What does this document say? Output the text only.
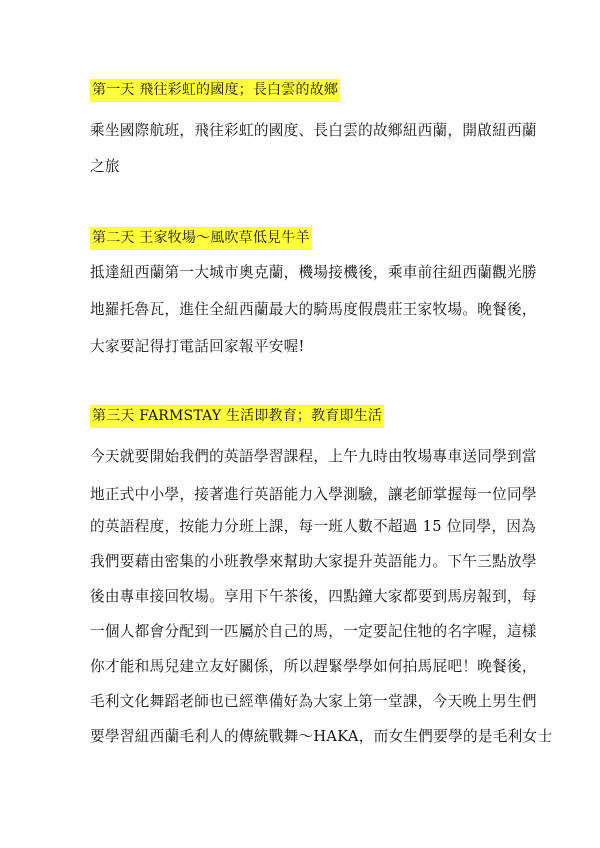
第一天 飛往彩虹的國度；長白雲的故鄉
乘坐國際航班，飛往彩虹的國度、長白雲的故鄉紐西蘭，開啟紐西蘭
之旅
第二天 王家牧場～風吹草低見牛羊
抵達紐西蘭第一大城市奧克蘭，機場接機後，乘車前往紐西蘭觀光勝
地羅托魯瓦，進住全紐西蘭最大的騎馬度假農莊王家牧場。晚餐後，
大家要記得打電話回家報平安喔!
第三天 FARMSTAY 生活即教育；教育即生活
今天就要開始我們的英語學習課程，上午九時由牧場專車送同學到當
地正式中小學，接著進行英語能力入學測驗，讓老師掌握每一位同學
的英語程度，按能力分班上課，每一班人數不超過 15 位同學，因為
我們要藉由密集的小班教學來幫助大家提升英語能力。下午三點放學
後由專車接回牧場。享用下午茶後，四點鐘大家都要到馬房報到，每
一個人都會分配到一匹屬於自己的馬，一定要記住牠的名字喔，這樣
你才能和馬兒建立友好關係，所以趕緊學學如何拍馬屁吧！晚餐後，
毛利文化舞蹈老師也已經準備好為大家上第一堂課，今天晚上男生們
要學習紐西蘭毛利人的傳統戰舞～HAKA，而女生們要學的是毛利女士
